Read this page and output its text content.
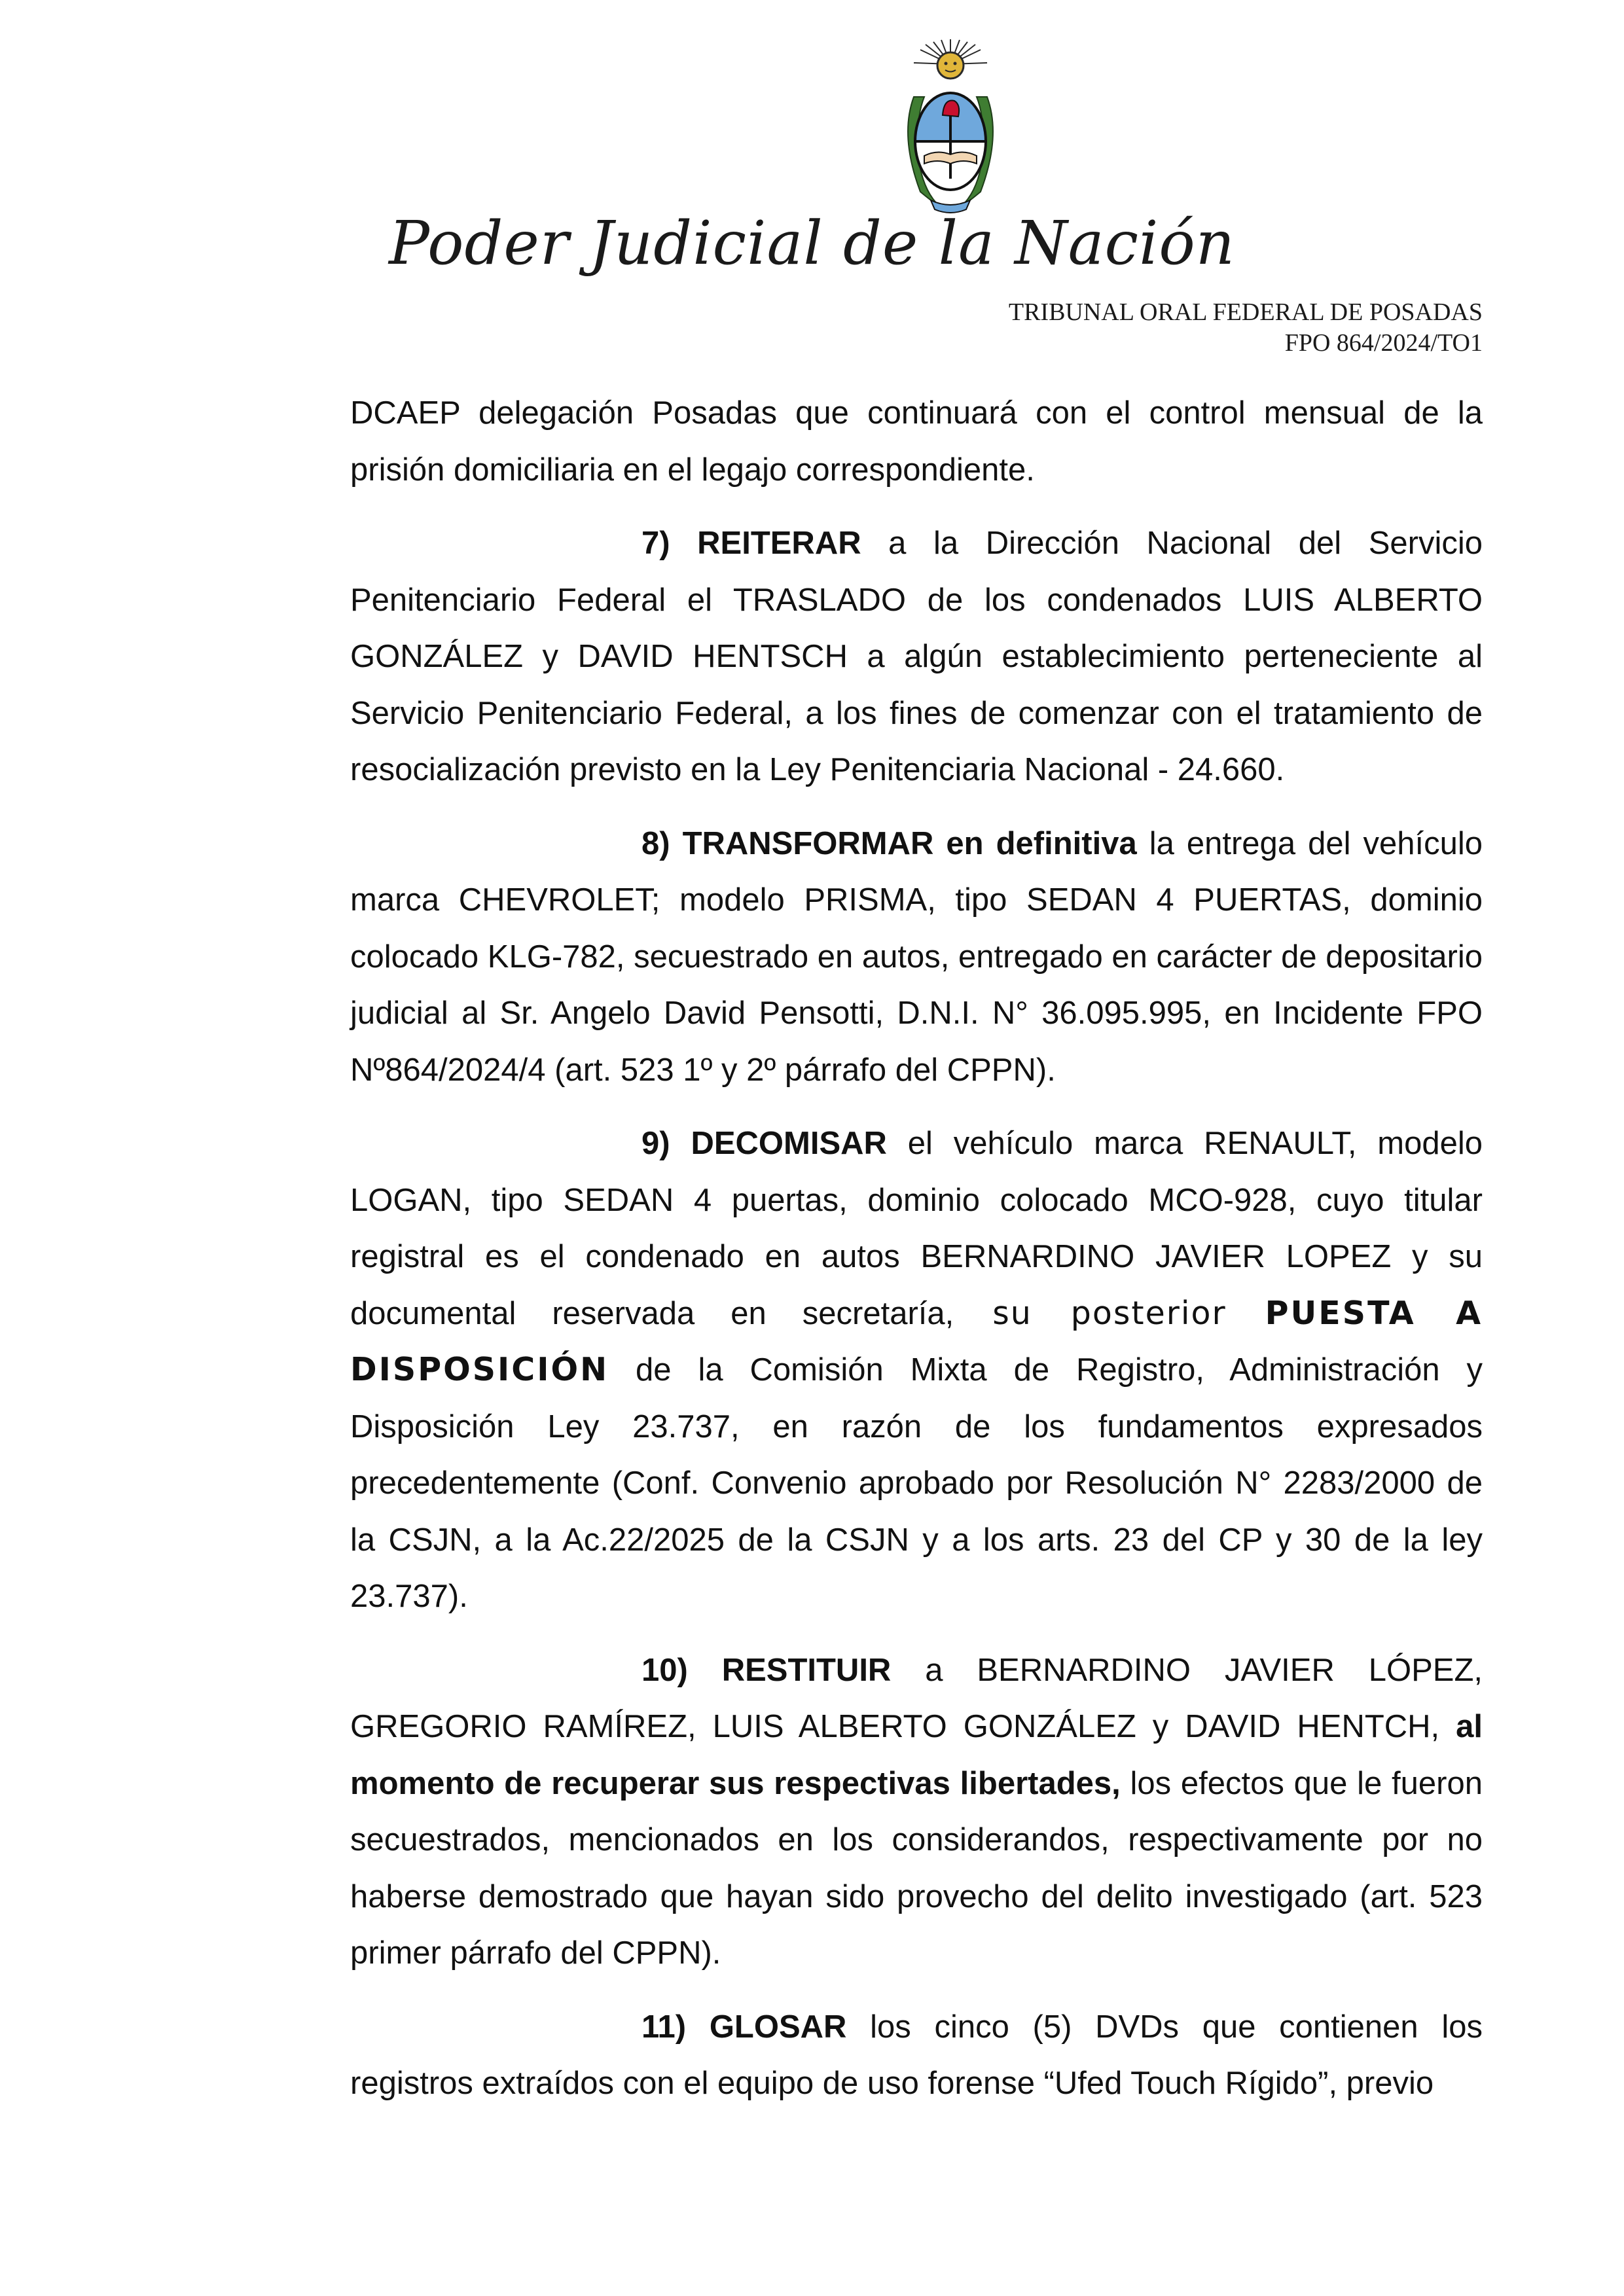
Poder Judicial de la Nación
TRIBUNAL ORAL FEDERAL DE POSADAS
FPO 864/2024/TO1

DCAEP delegación Posadas que continuará con el control mensual de la prisión domiciliaria en el legajo correspondiente.

7) REITERAR a la Dirección Nacional del Servicio Penitenciario Federal el TRASLADO de los condenados LUIS ALBERTO GONZÁLEZ y DAVID HENTSCH a algún establecimiento perteneciente al Servicio Penitenciario Federal, a los fines de comenzar con el tratamiento de resocialización previsto en la Ley Penitenciaria Nacional - 24.660.

8) TRANSFORMAR en definitiva la entrega del vehículo marca CHEVROLET; modelo PRISMA, tipo SEDAN 4 PUERTAS, dominio colocado KLG-782, secuestrado en autos, entregado en carácter de depositario judicial al Sr. Angelo David Pensotti, D.N.I. N° 36.095.995, en Incidente FPO Nº864/2024/4 (art. 523 1º y 2º párrafo del CPPN).

9) DECOMISAR el vehículo marca RENAULT, modelo LOGAN, tipo SEDAN 4 puertas, dominio colocado MCO-928, cuyo titular registral es el condenado en autos BERNARDINO JAVIER LOPEZ y su documental reservada en secretaría, su posterior PUESTA A DISPOSICIÓN de la Comisión Mixta de Registro, Administración y Disposición Ley 23.737, en razón de los fundamentos expresados precedentemente (Conf. Convenio aprobado por Resolución N° 2283/2000 de la CSJN, a la Ac.22/2025 de la CSJN y a los arts. 23 del CP y 30 de la ley 23.737).

10) RESTITUIR a BERNARDINO JAVIER LÓPEZ, GREGORIO RAMÍREZ, LUIS ALBERTO GONZÁLEZ y DAVID HENTCH, al momento de recuperar sus respectivas libertades, los efectos que le fueron secuestrados, mencionados en los considerandos, respectivamente por no haberse demostrado que hayan sido provecho del delito investigado (art. 523 primer párrafo del CPPN).

11) GLOSAR los cinco (5) DVDs que contienen los registros extraídos con el equipo de uso forense “Ufed Touch Rígido”, previo
